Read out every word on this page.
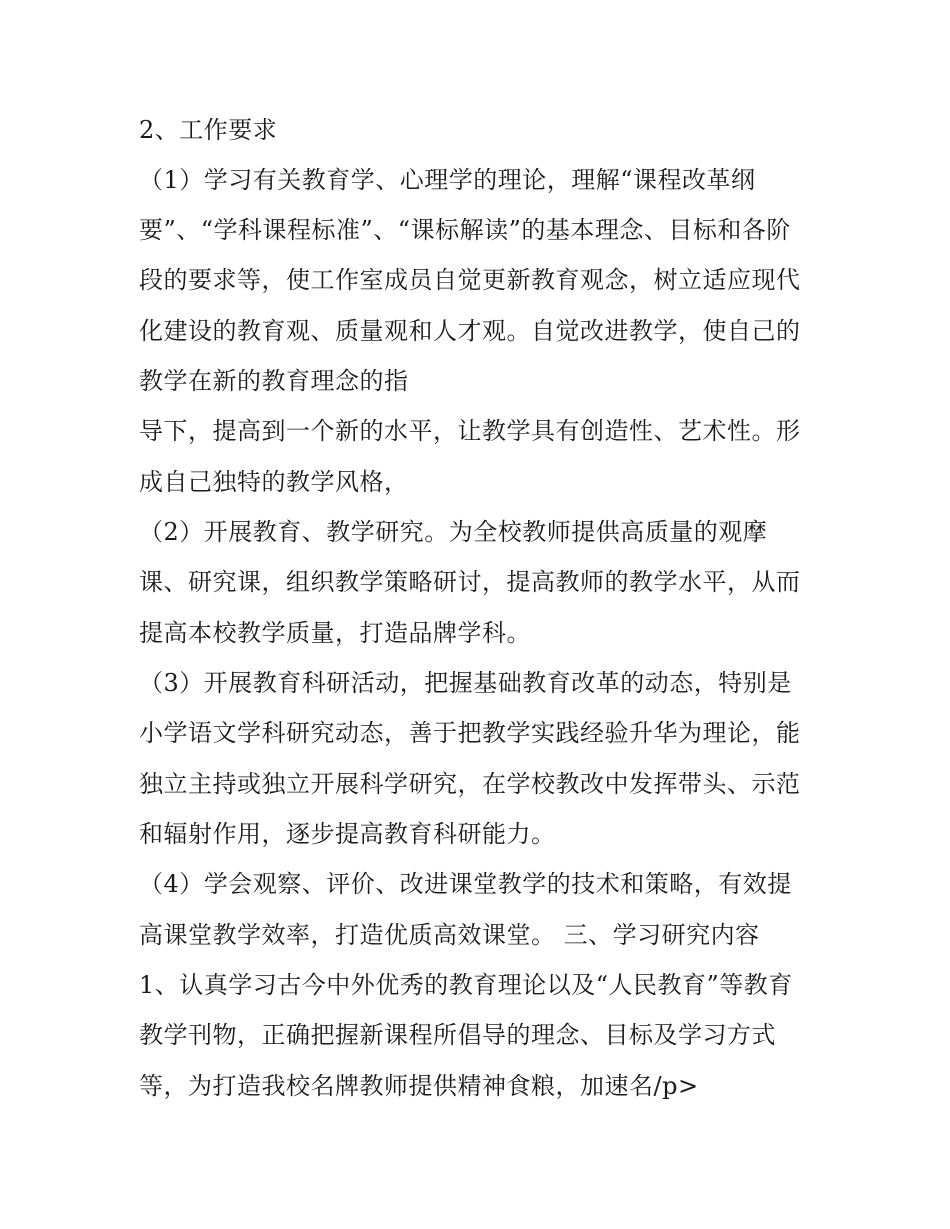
2、工作要求
（1）学习有关教育学、心理学的理论，理解“课程改革纲
要”、“学科课程标准”、“课标解读”的基本理念、目标和各阶
段的要求等，使工作室成员自觉更新教育观念，树立适应现代
化建设的教育观、质量观和人才观。自觉改进教学，使自己的
教学在新的教育理念的指
导下，提高到一个新的水平，让教学具有创造性、艺术性。形
成自己独特的教学风格，
（2）开展教育、教学研究。为全校教师提供高质量的观摩
课、研究课，组织教学策略研讨，提高教师的教学水平，从而
提高本校教学质量，打造品牌学科。
（3）开展教育科研活动，把握基础教育改革的动态，特别是
小学语文学科研究动态，善于把教学实践经验升华为理论，能
独立主持或独立开展科学研究，在学校教改中发挥带头、示范
和辐射作用，逐步提高教育科研能力。
（4）学会观察、评价、改进课堂教学的技术和策略，有效提
高课堂教学效率，打造优质高效课堂。 三、学习研究内容
1、认真学习古今中外优秀的教育理论以及“人民教育”等教育
教学刊物，正确把握新课程所倡导的理念、目标及学习方式
等，为打造我校名牌教师提供精神食粮，加速名/p>
